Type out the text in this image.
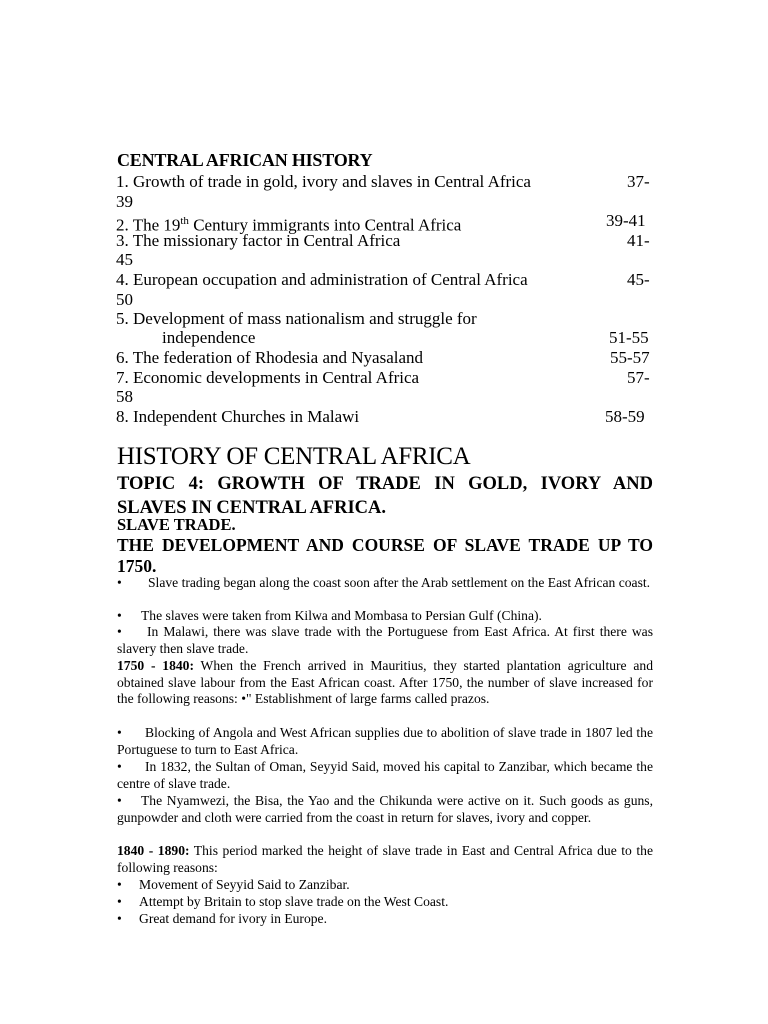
CENTRAL AFRICAN HISTORY
1. Growth of trade in gold, ivory and slaves in Central Africa	37-
39
2. The 19th Century immigrants into Central Africa	39-41
3. The missionary factor in Central Africa	41-
45
4. European occupation and administration of Central Africa	45-
50
5. Development of mass nationalism and struggle for
independence	51-55
6. The federation of Rhodesia and Nyasaland	55-57
7. Economic developments in Central Africa	57-
58
8. Independent Churches in Malawi	58-59
HISTORY OF CENTRAL AFRICA
TOPIC 4: GROWTH OF TRADE IN GOLD, IVORY AND SLAVES IN CENTRAL AFRICA.
SLAVE TRADE.
THE DEVELOPMENT AND COURSE OF SLAVE TRADE UP TO 1750.
• Slave trading began along the coast soon after the Arab settlement on the East African coast.
• The slaves were taken from Kilwa and Mombasa to Persian Gulf (China).
• In Malawi, there was slave trade with the Portuguese from East Africa. At first there was slavery then slave trade.
1750 - 1840: When the French arrived in Mauritius, they started plantation agriculture and obtained slave labour from the East African coast. After 1750, the number of slave increased for the following reasons: •" Establishment of large farms called prazos.
• Blocking of Angola and West African supplies due to abolition of slave trade in 1807 led the Portuguese to turn to East Africa.
• In 1832, the Sultan of Oman, Seyyid Said, moved his capital to Zanzibar, which became the centre of slave trade.
• The Nyamwezi, the Bisa, the Yao and the Chikunda were active on it. Such goods as guns, gunpowder and cloth were carried from the coast in return for slaves, ivory and copper.
1840 - 1890: This period marked the height of slave trade in East and Central Africa due to the following reasons:
• Movement of Seyyid Said to Zanzibar.
• Attempt by Britain to stop slave trade on the West Coast.
• Great demand for ivory in Europe.
